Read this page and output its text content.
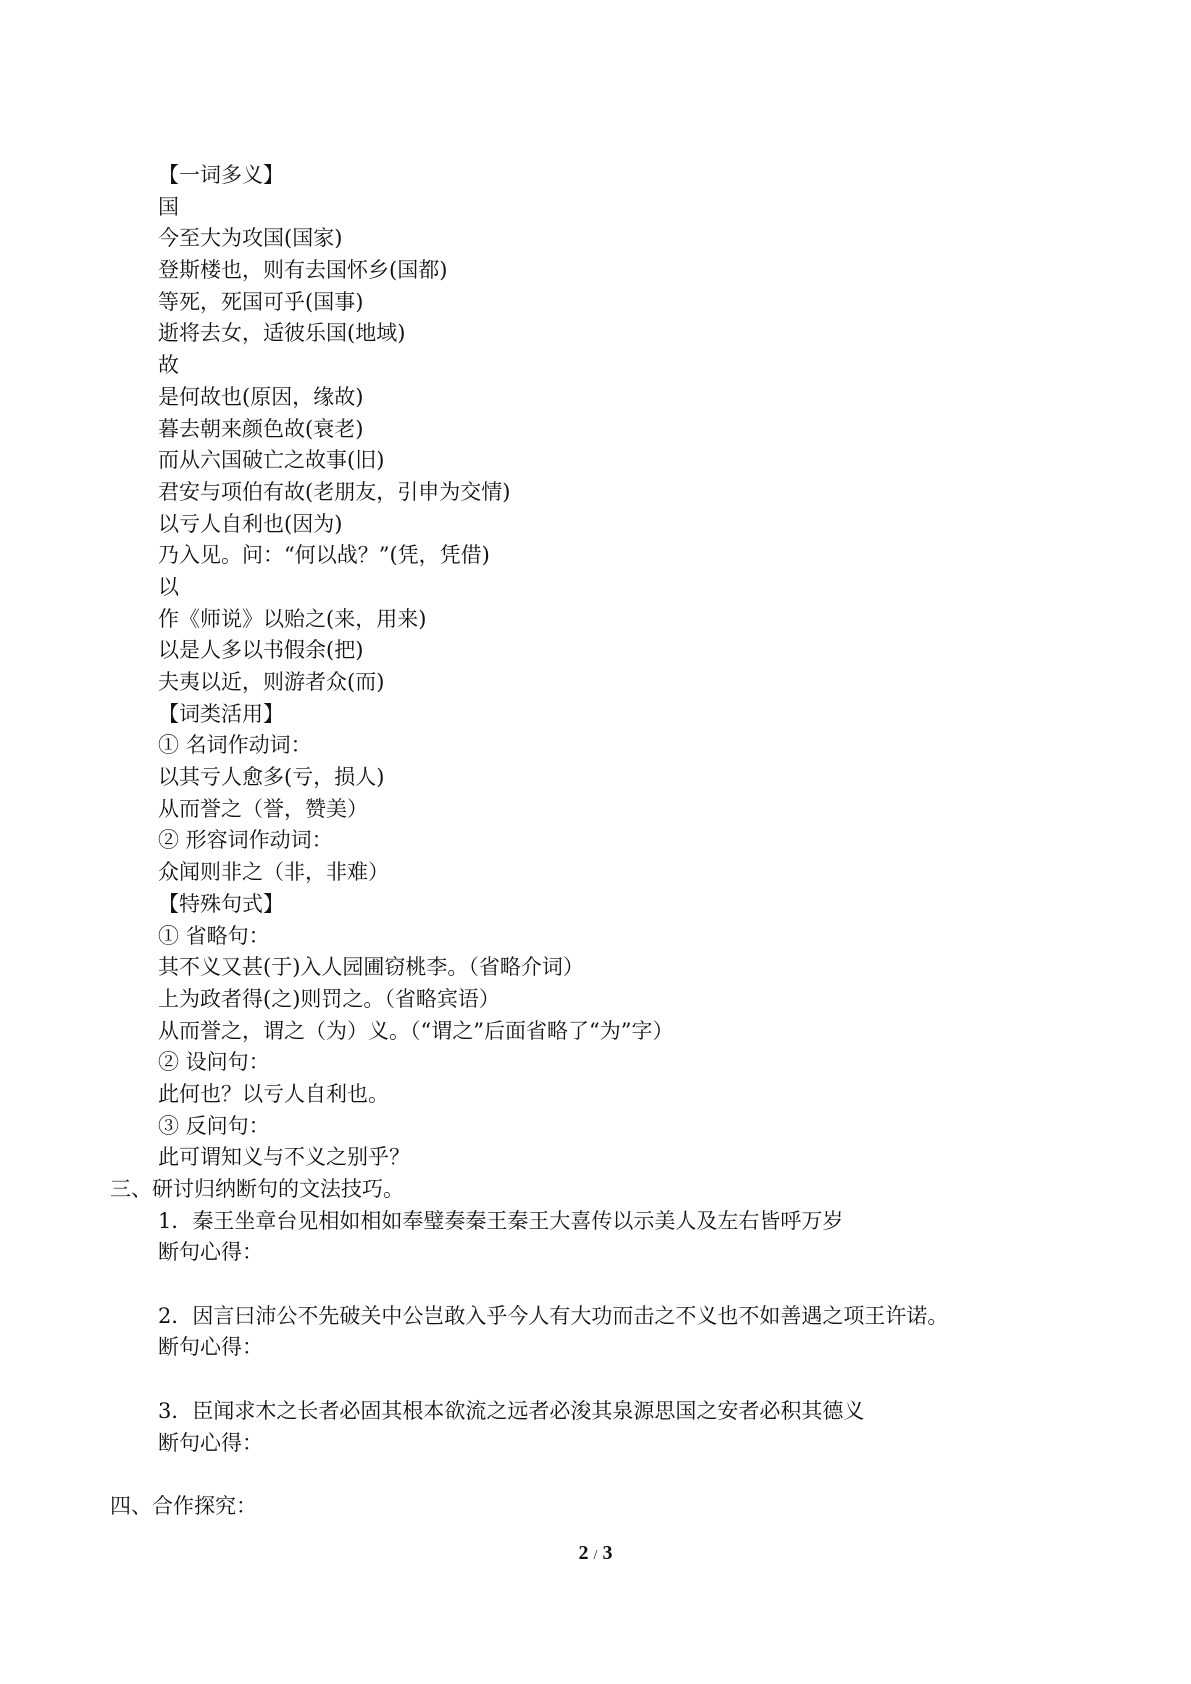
【一词多义】
国
今至大为攻国(国家)
登斯楼也，则有去国怀乡(国都)
等死，死国可乎(国事)
逝将去女，适彼乐国(地域)
故
是何故也(原因，缘故)
暮去朝来颜色故(衰老)
而从六国破亡之故事(旧)
君安与项伯有故(老朋友，引申为交情)
以亏人自利也(因为)
乃入见。问：“何以战？”(凭，凭借)
以
作《师说》以贻之(来，用来)
以是人多以书假余(把)
夫夷以近，则游者众(而)
【词类活用】
① 名词作动词：
以其亏人愈多(亏，损人)
从而誉之（誉，赞美）
② 形容词作动词：
众闻则非之（非，非难）
【特殊句式】
① 省略句：
其不义又甚(于)入人园圃窃桃李。（省略介词）
上为政者得(之)则罚之。（省略宾语）
从而誉之，谓之（为）义。（“谓之”后面省略了“为”字）
② 设问句：
此何也？以亏人自利也。
③ 反问句：
此可谓知义与不义之别乎？
三、研讨归纳断句的文法技巧。
1．秦王坐章台见相如相如奉璧奏秦王秦王大喜传以示美人及左右皆呼万岁
断句心得：
2．因言曰沛公不先破关中公岂敢入乎今人有大功而击之不义也不如善遇之项王许诺。
断句心得：
3．臣闻求木之长者必固其根本欲流之远者必浚其泉源思国之安者必积其德义
断句心得：
四、合作探究：
2 / 3
